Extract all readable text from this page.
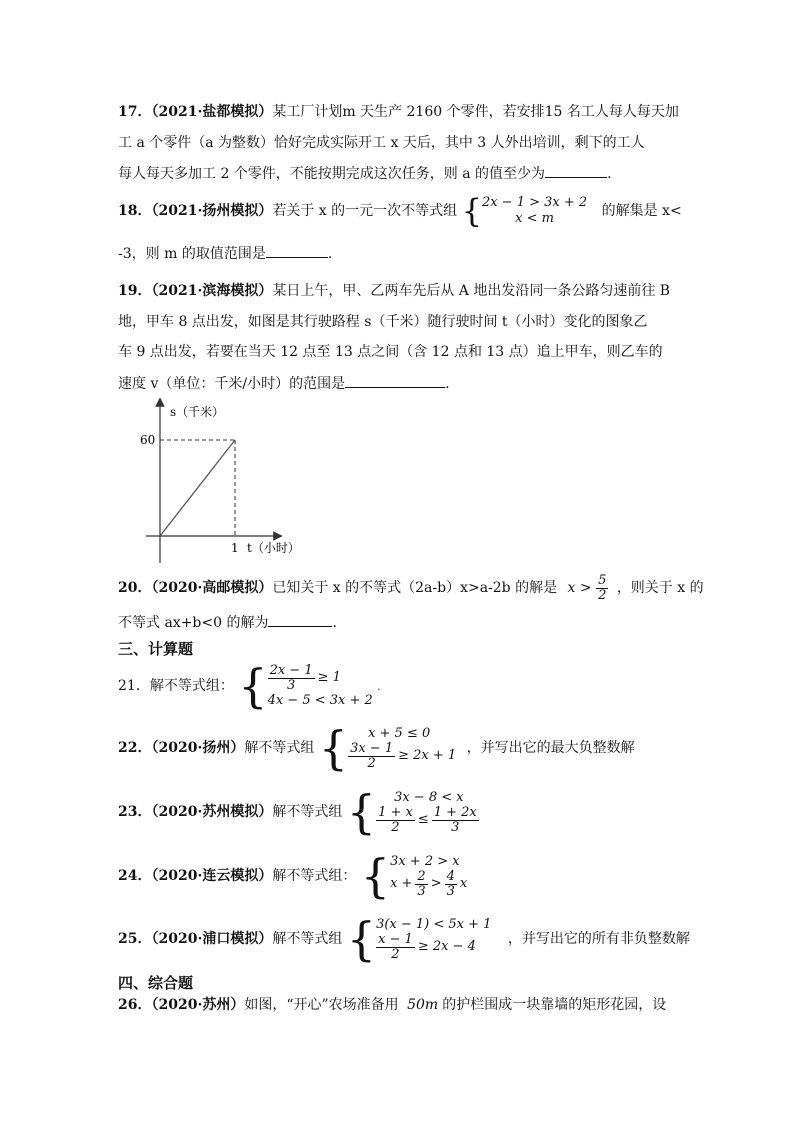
17．（2021·盐都模拟）某工厂计划m 天生产 2160 个零件，若安排15 名工人每人每天加
工 a 个零件（a 为整数）恰好完成实际开工 x 天后，其中 3 人外出培训，剩下的工人
每人每天多加工 2 个零件，不能按期完成这次任务，则 a 的值至少为	.
18．（2021·扬州模拟）若关于 x 的一元一次不等式组 { 2x − 1 > 3x + 2
x < m	的解集是 x<
-3，则 m 的取值范围是	.
19．（2021·滨海模拟）某日上午，甲、乙两车先后从 A 地出发沿同一条公路匀速前往 B
地，甲车 8 点出发，如图是其行驶路程 s（千米）随行驶时间 t（小时）变化的图象乙
车 9 点出发，若要在当天 12 点至 13 点之间（含 12 点和 13 点）追上甲车，则乙车的
速度 v（单位：千米/小时）的范围是	.
s（千米）
60
1 t（小时）
20．（2020·高邮模拟）已知关于 x 的不等式（2a-b）x>a-2b 的解是 $x > \frac{5}{2}$ ，则关于 x 的
不等式 ax+b<0 的解为	.
三、计算题
21．解不等式组： { $\frac{2x - 1}{3} \ge 1$
4x − 5 < 3x + 2
.
22．（2020·扬州）解不等式组 {	x + 5 ≤ 0
$\frac{3x - 1}{2} \ge 2x + 1$ ，并写出它的最大负整数解
23．（2020·苏州模拟）解不等式组 {	3x − 8 < x
$\frac{1 + x}{2} \le \frac{1 + 2x}{3}$
24．（2020·连云模拟）解不等式组： { 3x + 2 > x
$x + \frac{2}{3} > \frac{4}{3}$ x
25．（2020·浦口模拟）解不等式组 { 3(x − 1) < 5x + 1
$\frac{x - 1}{2} \ge 2x - 4$ ，并写出它的所有非负整数解
四、综合题
26．（2020·苏州）如图，“开心”农场准备用 50m 的护栏围成一块靠墙的矩形花园，设
